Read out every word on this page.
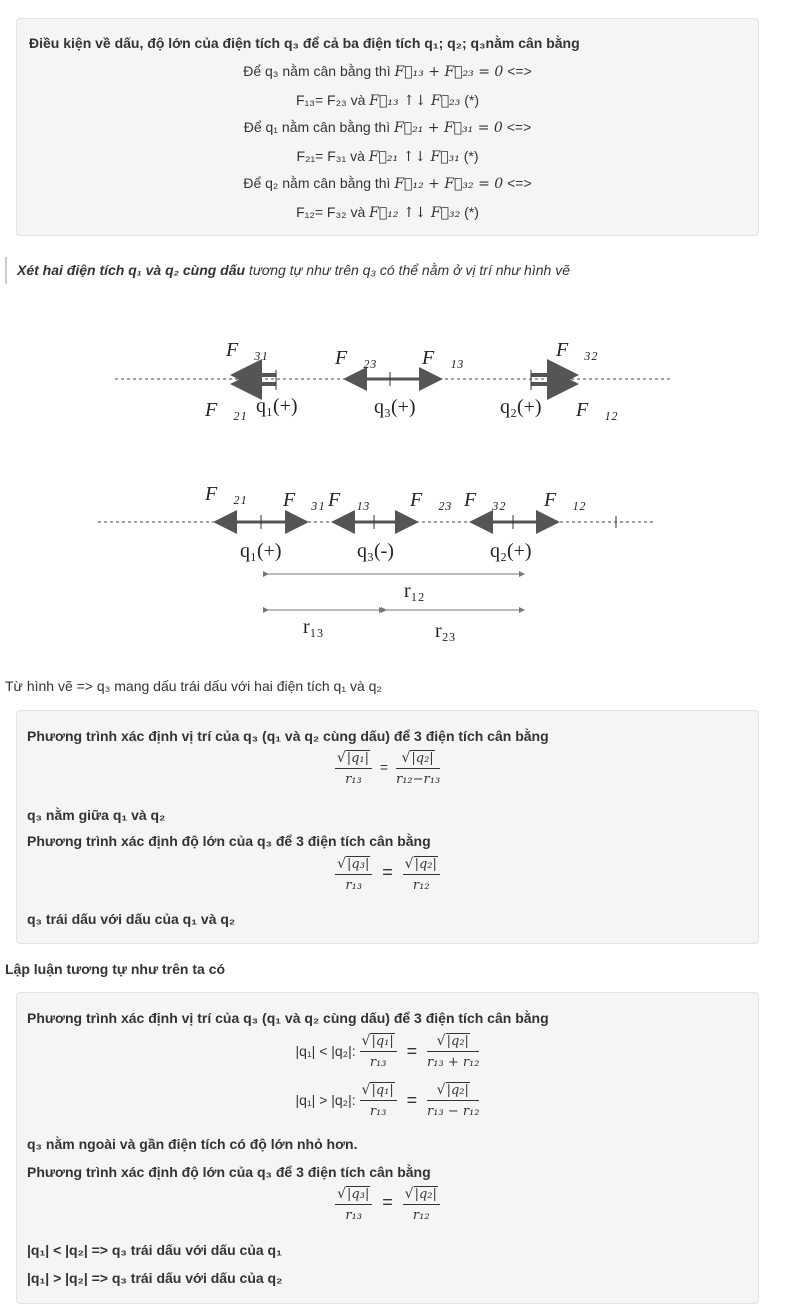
Điều kiện về dấu, độ lớn của điện tích q₃ để cả ba điện tích q₁; q₂; q₃nằm cân bằng
Để q₃ nằm cân bằng thì F⃗₁₃ + F⃗₂₃ = 0 <=>
F₁₃= F₂₃ và F⃗₁₃ ↑↓ F⃗₂₃ (*)
Để q₁ nằm cân bằng thì F⃗₂₁ + F⃗₃₁ = 0 <=>
F₂₁= F₃₁ và F⃗₂₁ ↑↓ F⃗₃₁ (*)
Để q₂ nằm cân bằng thì F⃗₁₂ + F⃗₃₂ = 0 <=>
F₁₂= F₃₂ và F⃗₁₂ ↑↓ F⃗₃₂ (*)
Xét hai điện tích q₁ và q₂ cùng dấu tương tự như trên q₃ có thể nằm ở vị trí như hình vẽ
F⃗₃₁	F⃗₂₃ F⃗₁₃	F⃗₃₂
F⃗₂₁ q₁(+)	q₃(+)	q₂(+) F⃗₁₂
F⃗₂₁ F⃗₃₁ F⃗₁₃ F⃗₂₃ F⃗₃₂ F⃗₁₂
q₁(+)	q₃(-)	q₂(+)
r₁₂
r₁₃	r₂₃
Từ hình vẽ => q₃ mang dấu trái dấu với hai điện tích q₁ và q₂
Phương trình xác định vị trí của q₃ (q₁ và q₂ cùng dấu) để 3 điện tích cân bằng
$\frac{\text{√|q₁|}}{\text{r₁₃}} = \frac{\text{√|q₂|}}{\text{r₁₂−r₁₃}}$
q₃ nằm giữa q₁ và q₂
Phương trình xác định độ lớn của q₃ để 3 điện tích cân bằng
$\frac{\text{√|q₃|}}{\text{r₁₃}} = \frac{\text{√|q₂|}}{\text{r₁₂}}$
q₃ trái dấu với dấu của q₁ và q₂
Lập luận tương tự như trên ta có
Phương trình xác định vị trí của q₃ (q₁ và q₂ cùng dấu) để 3 điện tích cân bằng
|q₁| < |q₂|: $\frac{\text{√|q₁|}}{\text{r₁₃}} = \frac{\text{√|q₂|}}{\text{r₁₃ + r₁₂}}$
|q₁| > |q₂|: $\frac{\text{√|q₁|}}{\text{r₁₃}} = \frac{\text{√|q₂|}}{\text{r₁₃ − r₁₂}}$
q₃ nằm ngoài và gần điện tích có độ lớn nhỏ hơn.
Phương trình xác định độ lớn của q₃ để 3 điện tích cân bằng
$\frac{\text{√|q₃|}}{\text{r₁₃}} = \frac{\text{√|q₂|}}{\text{r₁₂}}$
|q₁| < |q₂| => q₃ trái dấu với dấu của q₁
|q₁| > |q₂| => q₃ trái dấu với dấu của q₂
